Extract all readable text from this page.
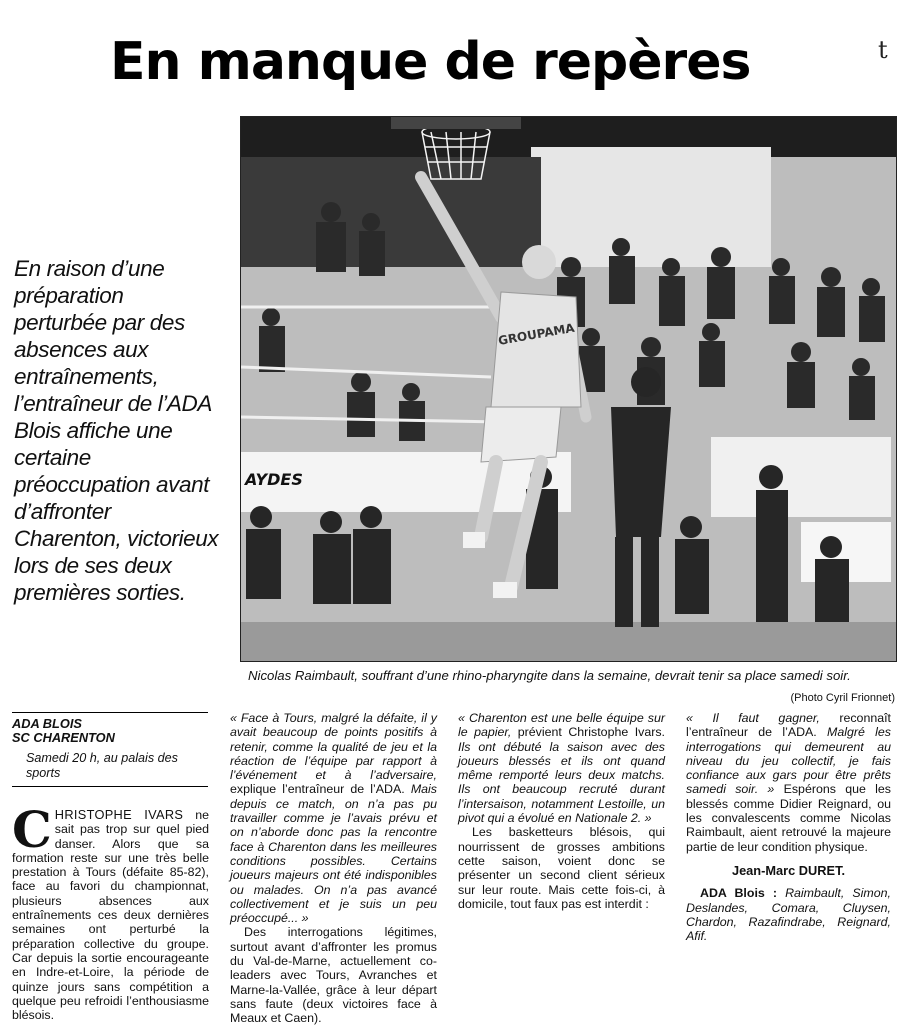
En manque de repères	t

En raison d’une préparation perturbée par des absences aux entraînements, l’entraîneur de l’ADA Blois affiche une certaine préoccupation avant d’affronter Charenton, victorieux lors de ses deux premières sorties.

AYDES
GROUPAMA

Nicolas Raimbault, souffrant d’une rhino-pharyngite dans la semaine, devrait tenir sa place samedi soir.

(Photo Cyril Frionnet)

ADA BLOIS
SC CHARENTON
Samedi 20 h, au palais des sports

CHRISTOPHE IVARS ne sait pas trop sur quel pied danser. Alors que sa formation reste sur une très belle prestation à Tours (défaite 85-82), face au favori du championnat, plusieurs absences aux entraînements ces deux dernières semaines ont perturbé la préparation collective du groupe. Car depuis la sortie encourageante en Indre-et-Loire, la période de quinze jours sans compétition a quelque peu refroidi l’enthousiasme blésois.

« Face à Tours, malgré la défaite, il y avait beaucoup de points positifs à retenir, comme la qualité de jeu et la réaction de l’équipe par rapport à l’événement et à l’adversaire, explique l’entraîneur de l’ADA. Mais depuis ce match, on n’a pas pu travailler comme je l’avais prévu et on n’aborde donc pas la rencontre face à Charenton dans les meilleures conditions possibles. Certains joueurs majeurs ont été indisponibles ou malades. On n’a pas avancé collectivement et je suis un peu préoccupé... »

Des interrogations légitimes, surtout avant d’affronter les promus du Val-de-Marne, actuellement co-leaders avec Tours, Avranches et Marne-la-Vallée, grâce à leur départ sans faute (deux victoires face à Meaux et Caen).

« Charenton est une belle équipe sur le papier, prévient Christophe Ivars. Ils ont débuté la saison avec des joueurs blessés et ils ont quand même remporté leurs deux matchs. Ils ont beaucoup recruté durant l’intersaison, notamment Lestoille, un pivot qui a évolué en Nationale 2. »

Les basketteurs blésois, qui nourrissent de grosses ambitions cette saison, voient donc se présenter un second client sérieux sur leur route. Mais cette fois-ci, à domicile, tout faux pas est interdit :

« Il faut gagner, reconnaît l’entraîneur de l’ADA. Malgré les interrogations qui demeurent au niveau du jeu collectif, je fais confiance aux gars pour être prêts samedi soir. » Espérons que les blessés comme Didier Reignard, ou les convalescents comme Nicolas Raimbault, aient retrouvé la majeure partie de leur condition physique.

Jean-Marc DURET.

ADA Blois : Raimbault, Simon, Deslandes, Comara, Cluysen, Chardon, Razafindrabe, Reignard, Afif.
